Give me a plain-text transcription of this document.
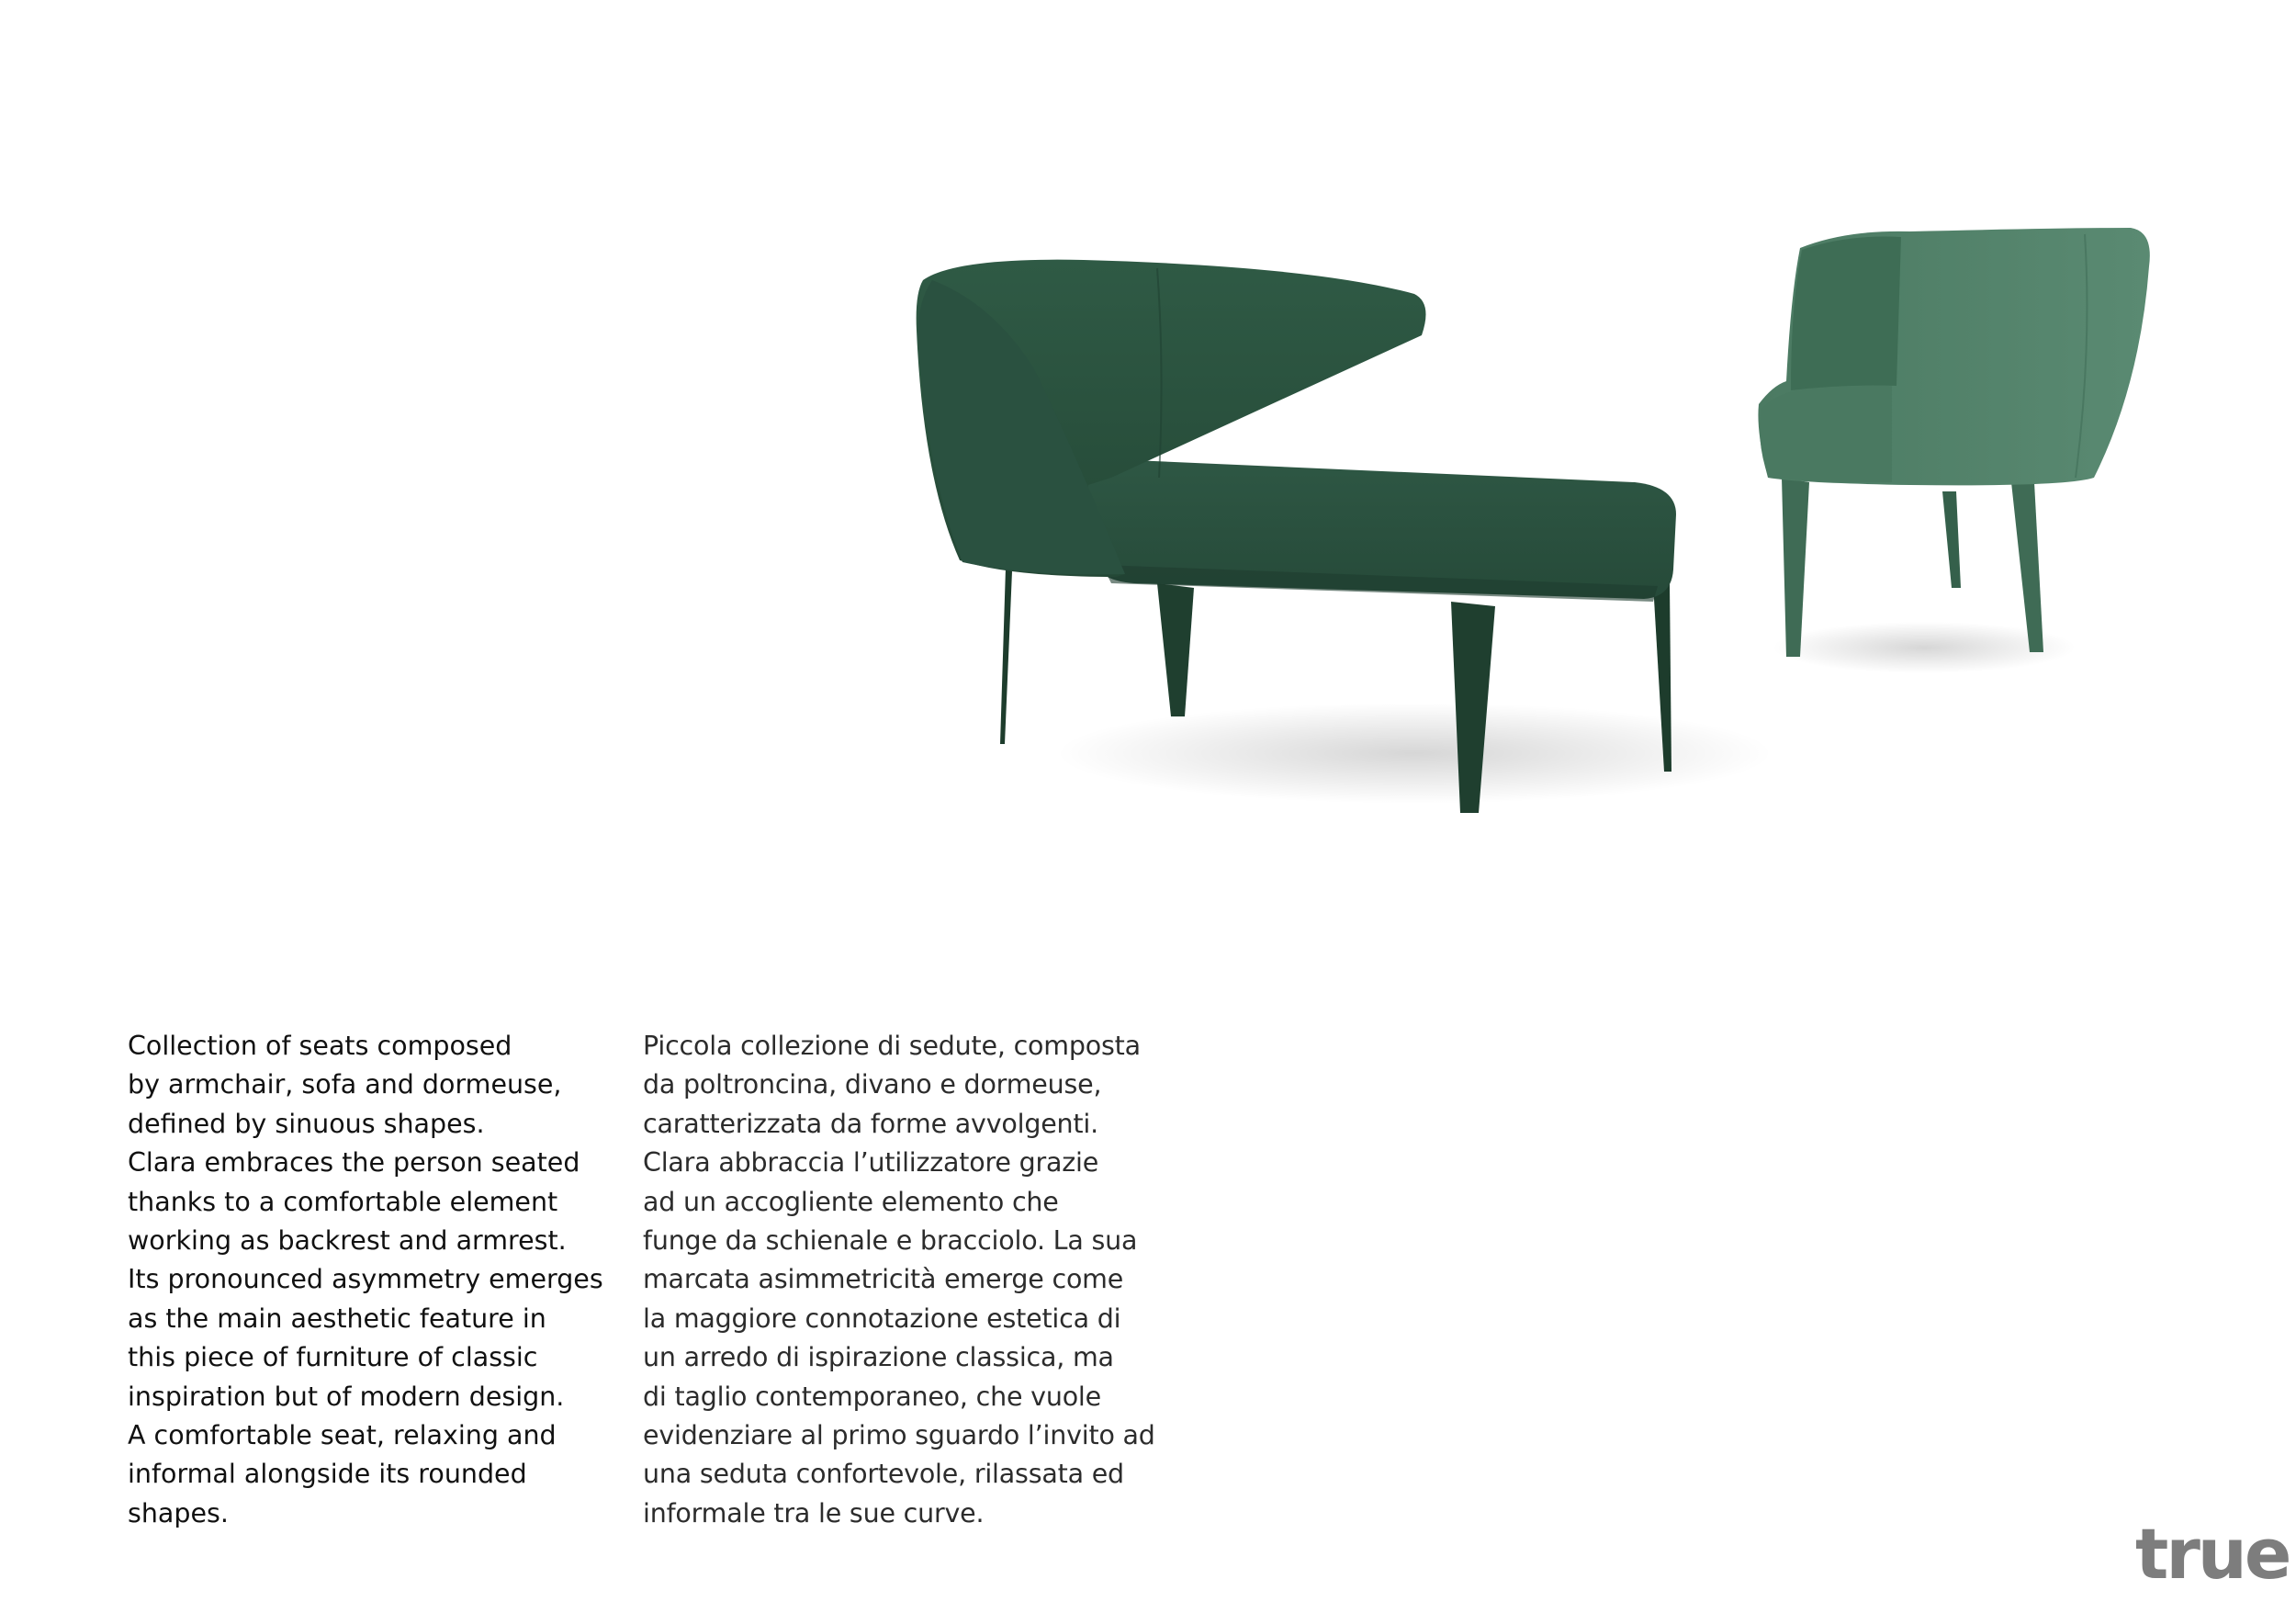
Collection of seats composed
by armchair, sofa and dormeuse,
defined by sinuous shapes.
Clara embraces the person seated
thanks to a comfortable element
working as backrest and armrest.
Its pronounced asymmetry emerges
as the main aesthetic feature in
this piece of furniture of classic
inspiration but of modern design.
A comfortable seat, relaxing and
informal alongside its rounded
shapes.

Piccola collezione di sedute, composta
da poltroncina, divano e dormeuse,
caratterizzata da forme avvolgenti.
Clara abbraccia l’utilizzatore grazie
ad un accogliente elemento che
funge da schienale e bracciolo. La sua
marcata asimmetricità emerge come
la maggiore connotazione estetica di
un arredo di ispirazione classica, ma
di taglio contemporaneo, che vuole
evidenziare al primo sguardo l’invito ad
una seduta confortevole, rilassata ed
informale tra le sue curve.	true
